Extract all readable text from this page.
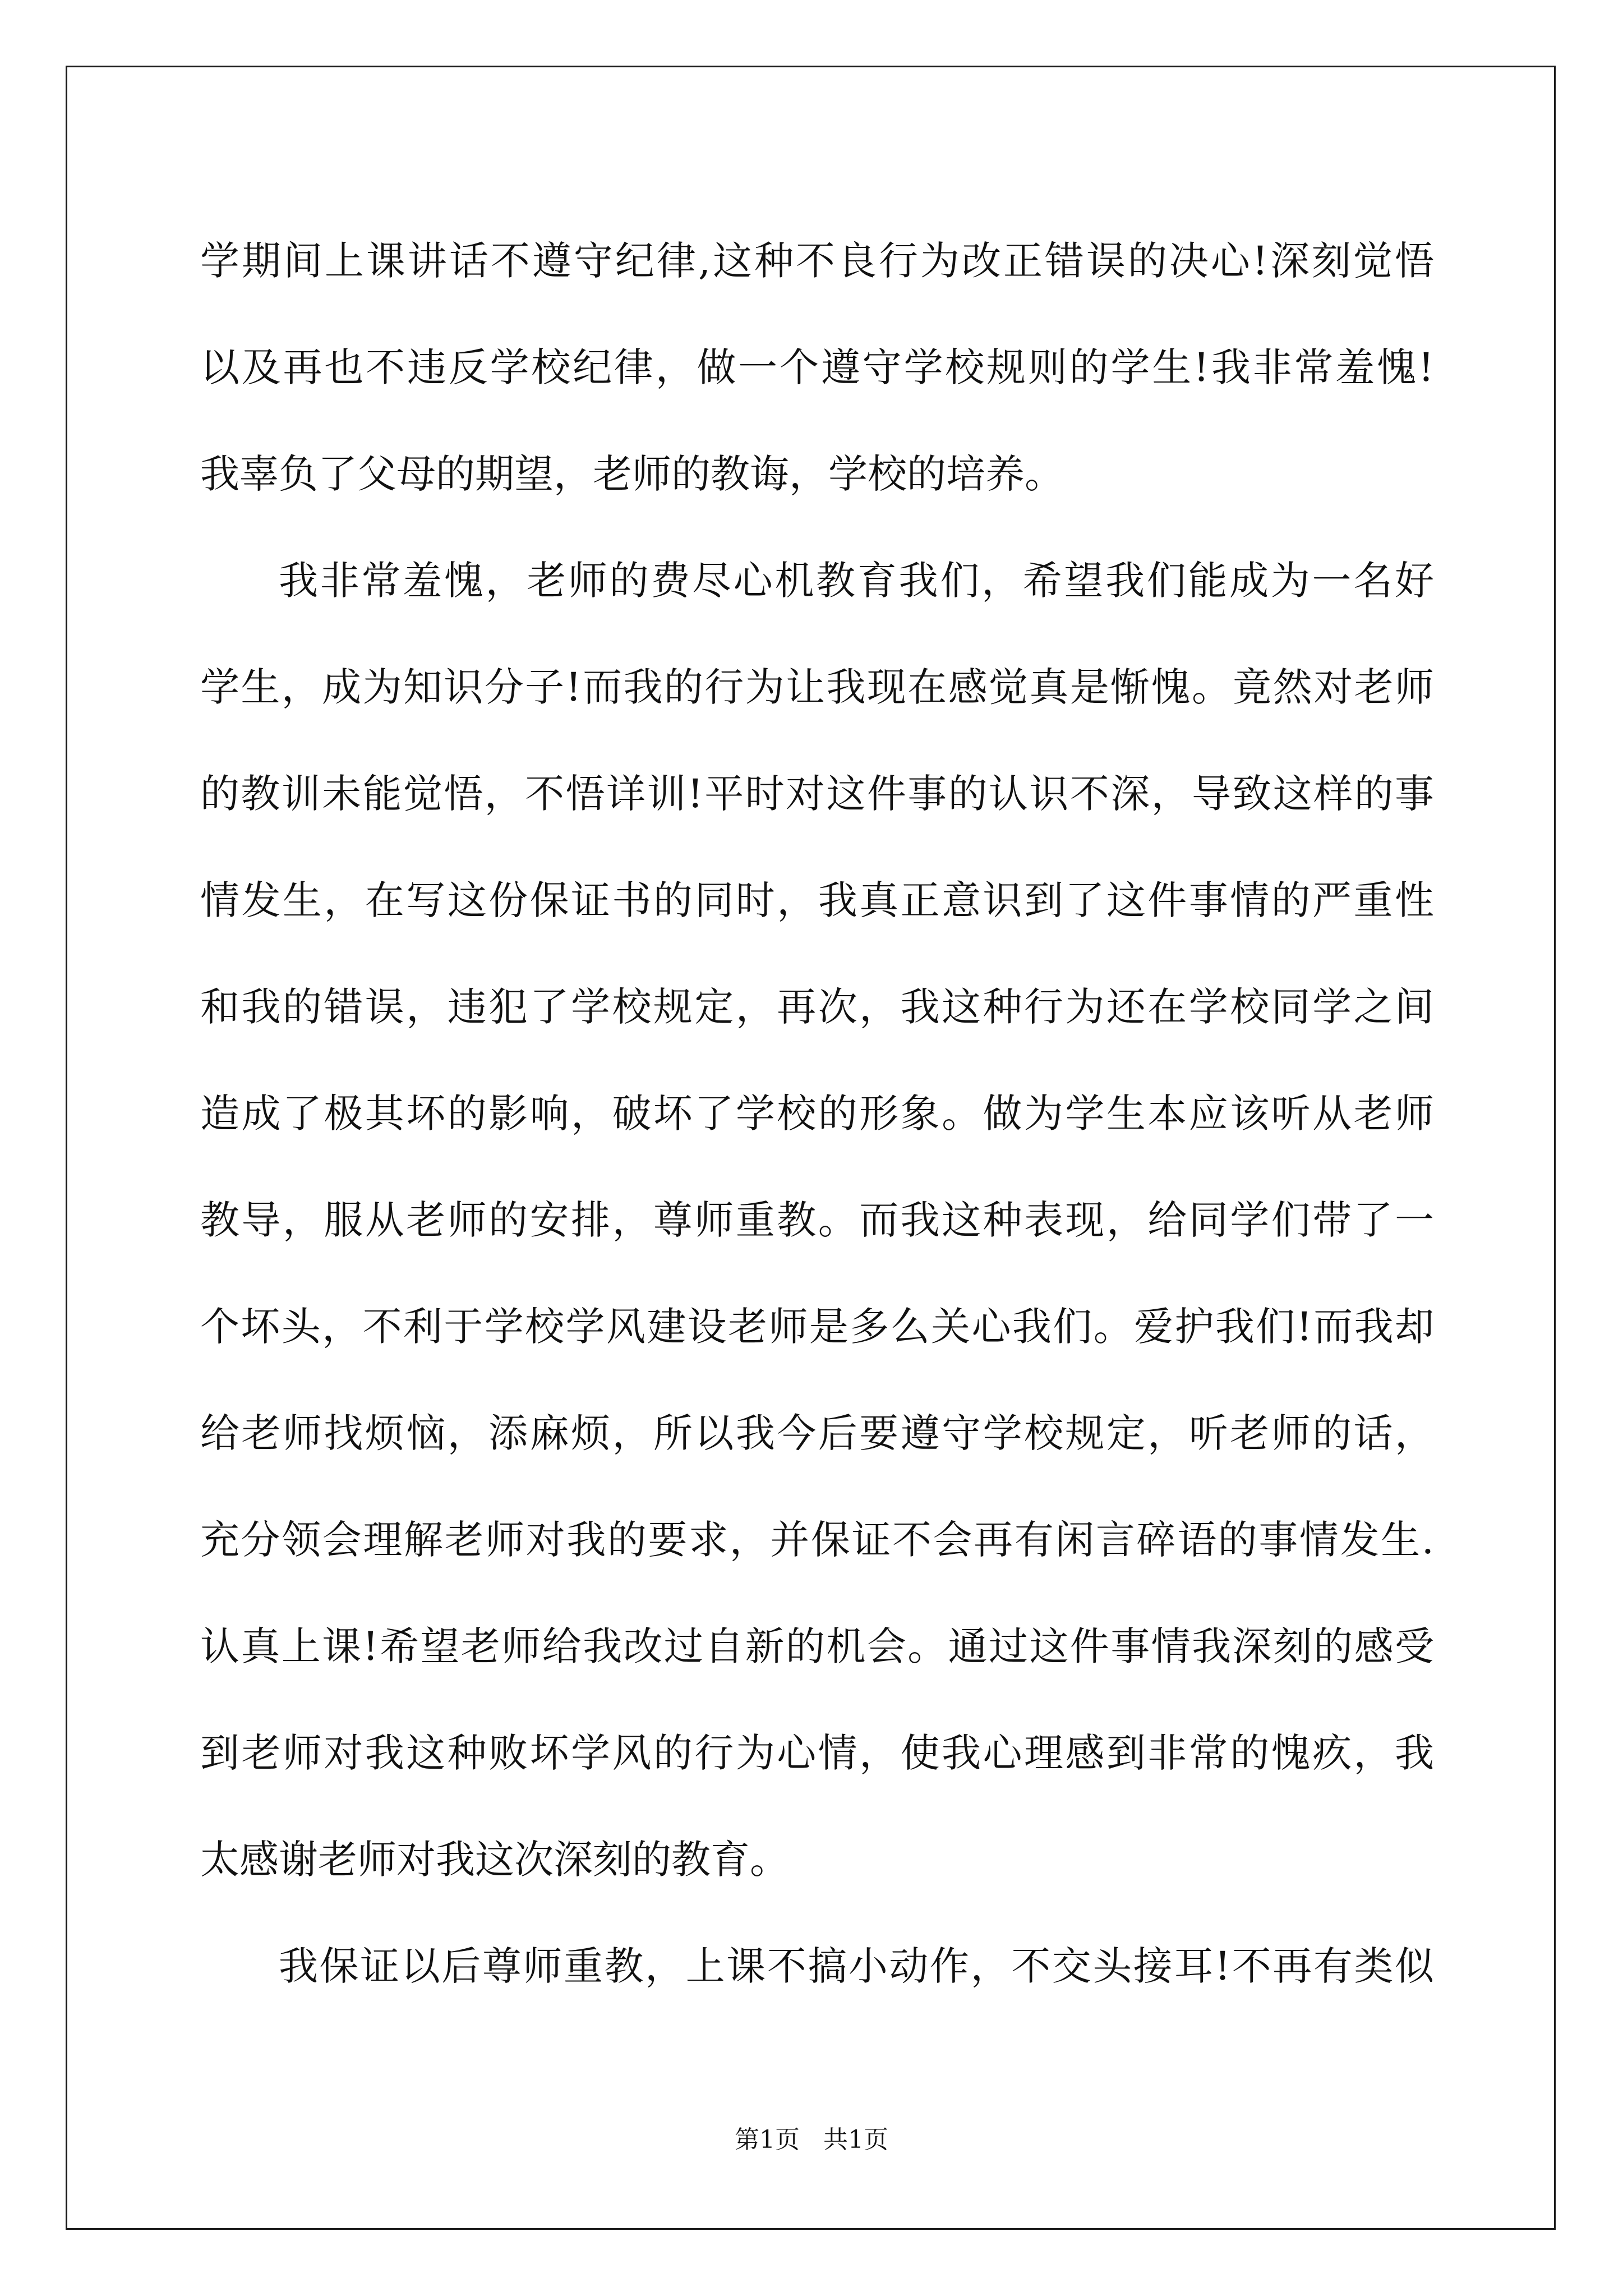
学期间上课讲话不遵守纪律,这种不良行为改正错误的决心!深刻觉悟
以及再也不违反学校纪律，做一个遵守学校规则的学生!我非常羞愧!
我辜负了父母的期望，老师的教诲，学校的培养。
我非常羞愧，老师的费尽心机教育我们，希望我们能成为一名好
学生，成为知识分子!而我的行为让我现在感觉真是惭愧。竟然对老师
的教训未能觉悟，不悟详训!平时对这件事的认识不深，导致这样的事
情发生，在写这份保证书的同时，我真正意识到了这件事情的严重性
和我的错误，违犯了学校规定，再次，我这种行为还在学校同学之间
造成了极其坏的影响，破坏了学校的形象。做为学生本应该听从老师
教导，服从老师的安排，尊师重教。而我这种表现，给同学们带了一
个坏头，不利于学校学风建设老师是多么关心我们。爱护我们!而我却
给老师找烦恼，添麻烦，所以我今后要遵守学校规定，听老师的话，
充分领会理解老师对我的要求，并保证不会再有闲言碎语的事情发生.
认真上课!希望老师给我改过自新的机会。通过这件事情我深刻的感受
到老师对我这种败坏学风的行为心情，使我心理感到非常的愧疚，我
太感谢老师对我这次深刻的教育。
我保证以后尊师重教，上课不搞小动作，不交头接耳!不再有类似
第1页   共1页
